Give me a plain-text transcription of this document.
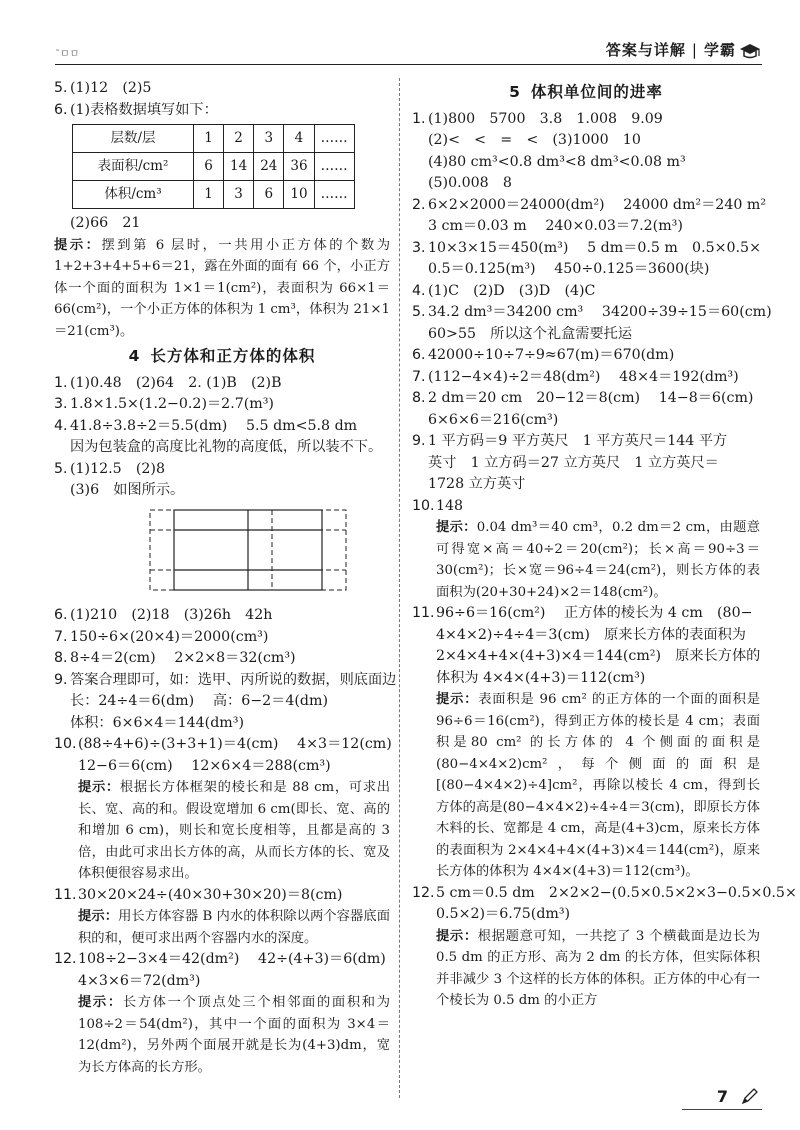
˜ㅁㅁ	答案与详解 | 学霸
5. (1)12　(2)5
6. (1)表格数据填写如下：
层数/层	1	2	3	4	……
表面积/cm²	6	14	24	36	……
体积/cm³	1	3	6	10	……
(2)66　21
提示：摆到第 6 层时，一共用小正方体的个数为 1+2+3+4+5+6＝21，露在外面的面有 66 个，小正方体一个面的面积为 1×1＝1(cm²)，表面积为 66×1＝66(cm²)，一个小正方体的体积为 1 cm³，体积为 21×1＝21(cm³)。
4 长方体和正方体的体积
1. (1)0.48　(2)64　2. (1)B　(2)B
3. 1.8×1.5×(1.2−0.2)＝2.7(m³)
4. 41.8÷3.8÷2＝5.5(dm)　 5.5 dm<5.8 dm
因为包装盒的高度比礼物的高度低，所以装不下。
5. (1)12.5　(2)8
(3)6　如图所示。
6. (1)210　(2)18　(3)26h　42h
7. 150÷6×(20×4)＝2000(cm³)
8. 8÷4＝2(cm)　 2×2×8＝32(cm³)
9. 答案合理即可，如：选甲、丙所说的数据，则底面边
长：24÷4＝6(dm)　 高：6−2＝4(dm)
体积：6×6×4＝144(dm³)
10. (88÷4+6)÷(3+3+1)＝4(cm)　 4×3＝12(cm)
12−6＝6(cm)　 12×6×4＝288(cm³)
提示：根据长方体框架的棱长和是 88 cm，可求出长、宽、高的和。假设宽增加 6 cm(即长、宽、高的和增加 6 cm)，则长和宽长度相等，且都是高的 3 倍，由此可求出长方体的高，从而长方体的长、宽及体积便很容易求出。
11. 30×20×24÷(40×30+30×20)＝8(cm)
提示：用长方体容器 B 内水的体积除以两个容器底面积的和，便可求出两个容器内水的深度。
12. 108÷2−3×4＝42(dm²)　 42÷(4+3)＝6(dm)
4×3×6＝72(dm³)
提示：长方体一个顶点处三个相邻面的面积和为 108÷2＝54(dm²)，其中一个面的面积为 3×4＝12(dm²)，另外两个面展开就是长为(4+3)dm，宽为长方体高的长方形。
5 体积单位间的进率
1. (1)800　5700　3.8　1.008　9.09
(2)<　<　=　<　(3)1000　10
(4)80 cm³<0.8 dm³<8 dm³<0.08 m³
(5)0.008　8
2. 6×2×2000＝24000(dm²)　 24000 dm²＝240 m²
3 cm＝0.03 m　 240×0.03＝7.2(m³)
3. 10×3×15＝450(m³)　 5 dm＝0.5 m　0.5×0.5×
0.5＝0.125(m³)　 450÷0.125＝3600(块)
4. (1)C　(2)D　(3)D　(4)C
5. 34.2 dm³＝34200 cm³　 34200÷39÷15＝60(cm)
60>55　所以这个礼盒需要托运
6. 42000÷10÷7÷9≈67(m)＝670(dm)
7. (112−4×4)÷2＝48(dm²)　 48×4＝192(dm³)
8. 2 dm＝20 cm　20−12＝8(cm)　 14−8＝6(cm)
6×6×6＝216(cm³)
9. 1 平方码＝9 平方英尺　1 平方英尺＝144 平方
英寸　1 立方码＝27 立方英尺　1 立方英尺＝
1728 立方英寸
10. 148
提示：0.04 dm³＝40 cm³，0.2 dm＝2 cm，由题意可得宽×高＝40÷2＝20(cm²)；长×高＝90÷3＝30(cm²)；长×宽＝96÷4＝24(cm²)，则长方体的表面积为(20+30+24)×2＝148(cm²)。
11. 96÷6＝16(cm²)　 正方体的棱长为 4 cm　(80−
4×4×2)÷4÷4＝3(cm)　原来长方体的表面积为
2×4×4+4×(4+3)×4＝144(cm²)　原来长方体的
体积为 4×4×(4+3)＝112(cm³)
提示：表面积是 96 cm² 的正方体的一个面的面积是 96÷6＝16(cm²)，得到正方体的棱长是 4 cm；表面积是80 cm² 的长方体的 4 个侧面的面积是(80−4×4×2)cm²，每个侧面的面积是[(80−4×4×2)÷4]cm²，再除以棱长 4 cm，得到长方体的高是(80−4×4×2)÷4÷4＝3(cm)，即原长方体木料的长、宽都是 4 cm，高是(4+3)cm，原来长方体的表面积为 2×4×4+4×(4+3)×4＝144(cm²)，原来长方体的体积为 4×4×(4+3)＝112(cm³)。
12. 5 cm＝0.5 dm　2×2×2−(0.5×0.5×2×3−0.5×0.5×
0.5×2)＝6.75(dm³)
提示：根据题意可知，一共挖了 3 个横截面是边长为 0.5 dm 的正方形、高为 2 dm 的长方体，但实际体积并非减少 3 个这样的长方体的体积。正方体的中心有一个棱长为 0.5 dm 的小正方
7
